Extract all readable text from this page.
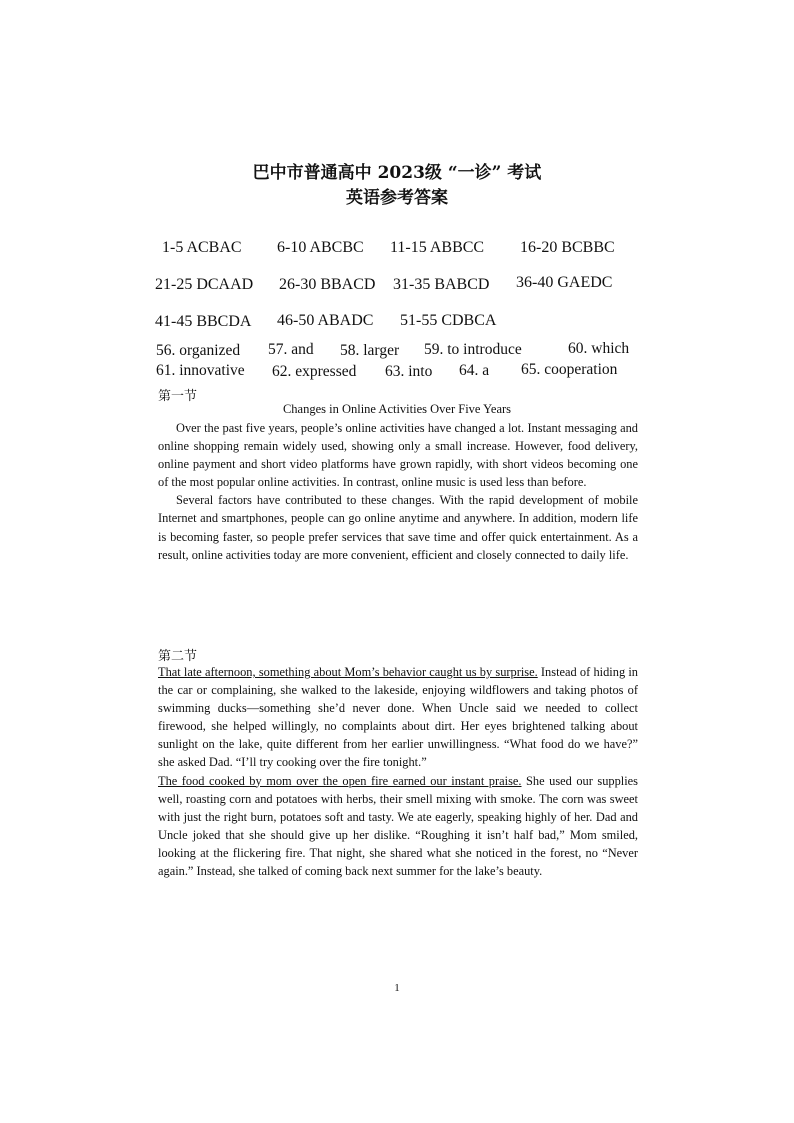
巴中市普通高中 2023级 “一诊” 考试
英语参考答案
1-5 ACBAC 6-10 ABCBC 11-15 ABBCC 16-20 BCBBC
21-25 DCAAD 26-30 BBACD 31-35 BABCD 36-40 GAEDC
41-45 BBCDA 46-50 ABADC 51-55 CDBCA
56. organized 57. and 58. larger 59. to introduce	60. which
61. innovative 62. expressed 63. into 64. a 65. cooperation
第一节
Changes in Online Activities Over Five Years

Over the past five years, people’s online activities have changed a lot. Instant messaging and online shopping remain widely used, showing only a small increase. However, food delivery, online payment and short video platforms have grown rapidly, with short videos becoming one of the most popular online activities. In contrast, online music is used less than before.

Several factors have contributed to these changes. With the rapid development of mobile Internet and smartphones, people can go online anytime and anywhere. In addition, modern life is becoming faster, so people prefer services that save time and offer quick entertainment. As a result, online activities today are more convenient, efficient and closely connected to daily life.

第二节

That late afternoon, something about Mom’s behavior caught us by surprise. Instead of hiding in the car or complaining, she walked to the lakeside, enjoying wildflowers and taking photos of swimming ducks—something she’d never done. When Uncle said we needed to collect firewood, she helped willingly, no complaints about dirt. Her eyes brightened talking about sunlight on the lake, quite different from her earlier unwillingness. “What food do we have?” she asked Dad. “I’ll try cooking over the fire tonight.”

The food cooked by mom over the open fire earned our instant praise. She used our supplies well, roasting corn and potatoes with herbs, their smell mixing with smoke. The corn was sweet with just the right burn, potatoes soft and tasty. We ate eagerly, speaking highly of her. Dad and Uncle joked that she should give up her dislike. “Roughing it isn’t half bad,” Mom smiled, looking at the flickering fire. That night, she shared what she noticed in the forest, no “Never again.” Instead, she talked of coming back next summer for the lake’s beauty.

1
